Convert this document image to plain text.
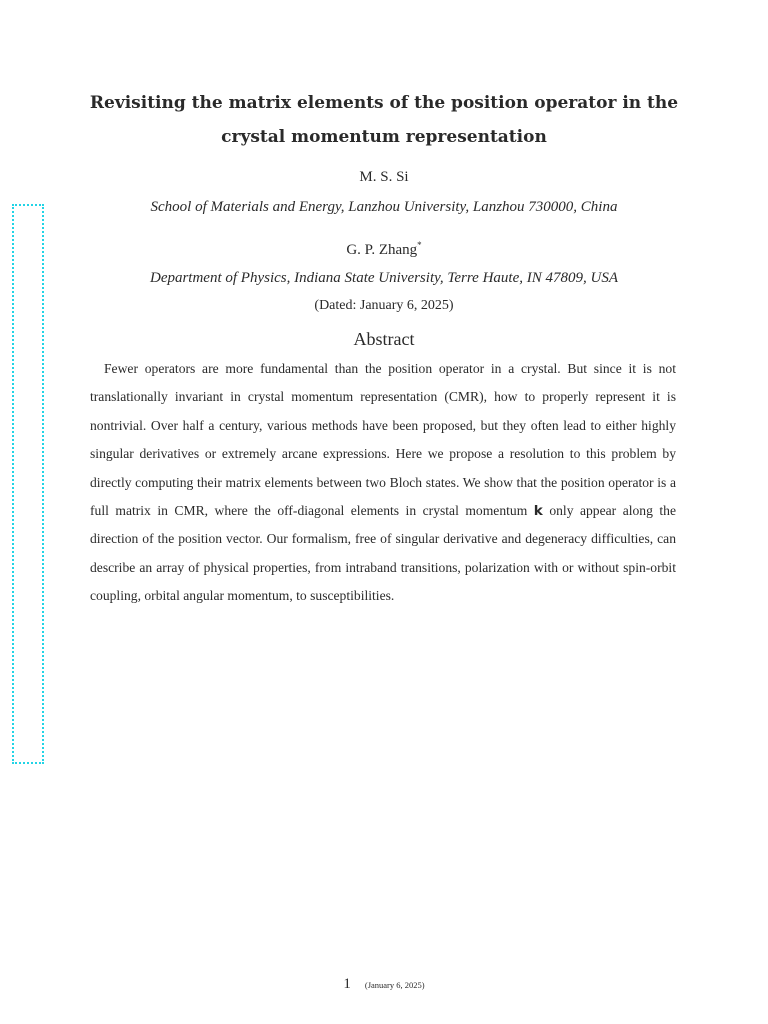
Revisiting the matrix elements of the position operator in the
crystal momentum representation
M. S. Si
School of Materials and Energy, Lanzhou University, Lanzhou 730000, China
G. P. Zhang*
Department of Physics, Indiana State University, Terre Haute, IN 47809, USA
(Dated: January 6, 2025)
Abstract
Fewer operators are more fundamental than the position operator in a crystal. But since it is not translationally invariant in crystal momentum representation (CMR), how to properly represent it is nontrivial. Over half a century, various methods have been proposed, but they often lead to either highly singular derivatives or extremely arcane expressions. Here we propose a resolution to this problem by directly computing their matrix elements between two Bloch states. We show that the position operator is a full matrix in CMR, where the off-diagonal elements in crystal momentum k only appear along the direction of the position vector. Our formalism, free of singular derivative and degeneracy difficulties, can describe an array of physical properties, from intraband transitions, polarization with or without spin-orbit coupling, orbital angular momentum, to susceptibilities.
1 (January 6, 2025)
